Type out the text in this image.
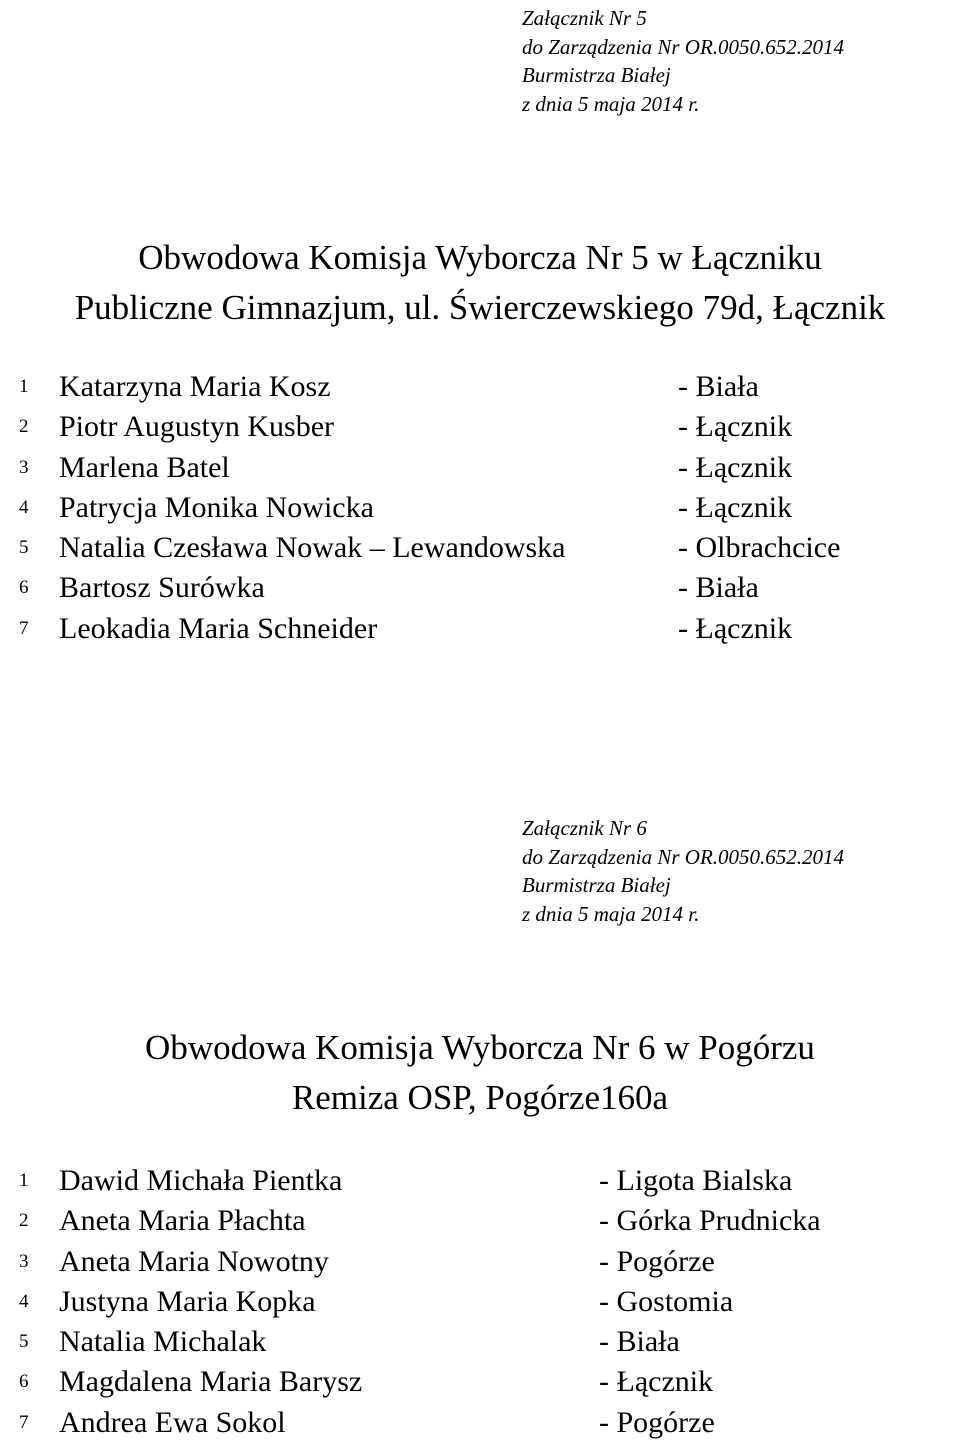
Załącznik Nr 5
do Zarządzenia Nr OR.0050.652.2014
Burmistrza Białej
z dnia 5 maja 2014 r.
Obwodowa Komisja Wyborcza Nr 5 w Łączniku
Publiczne Gimnazjum, ul. Świerczewskiego 79d, Łącznik
1 Katarzyna Maria Kosz	- Biała
2 Piotr Augustyn Kusber	- Łącznik
3 Marlena Batel	- Łącznik
4 Patrycja Monika Nowicka	- Łącznik
5 Natalia Czesława Nowak – Lewandowska	- Olbrachcice
6 Bartosz Surówka	- Biała
7 Leokadia Maria Schneider	- Łącznik
Załącznik Nr 6
do Zarządzenia Nr OR.0050.652.2014
Burmistrza Białej
z dnia 5 maja 2014 r.
Obwodowa Komisja Wyborcza Nr 6 w Pogórzu
Remiza OSP, Pogórze160a
1 Dawid Michała Pientka	- Ligota Bialska
2 Aneta Maria Płachta	- Górka Prudnicka
3 Aneta Maria Nowotny	- Pogórze
4 Justyna Maria Kopka	- Gostomia
5 Natalia Michalak	- Biała
6 Magdalena Maria Barysz	- Łącznik
7 Andrea Ewa Sokol	- Pogórze
